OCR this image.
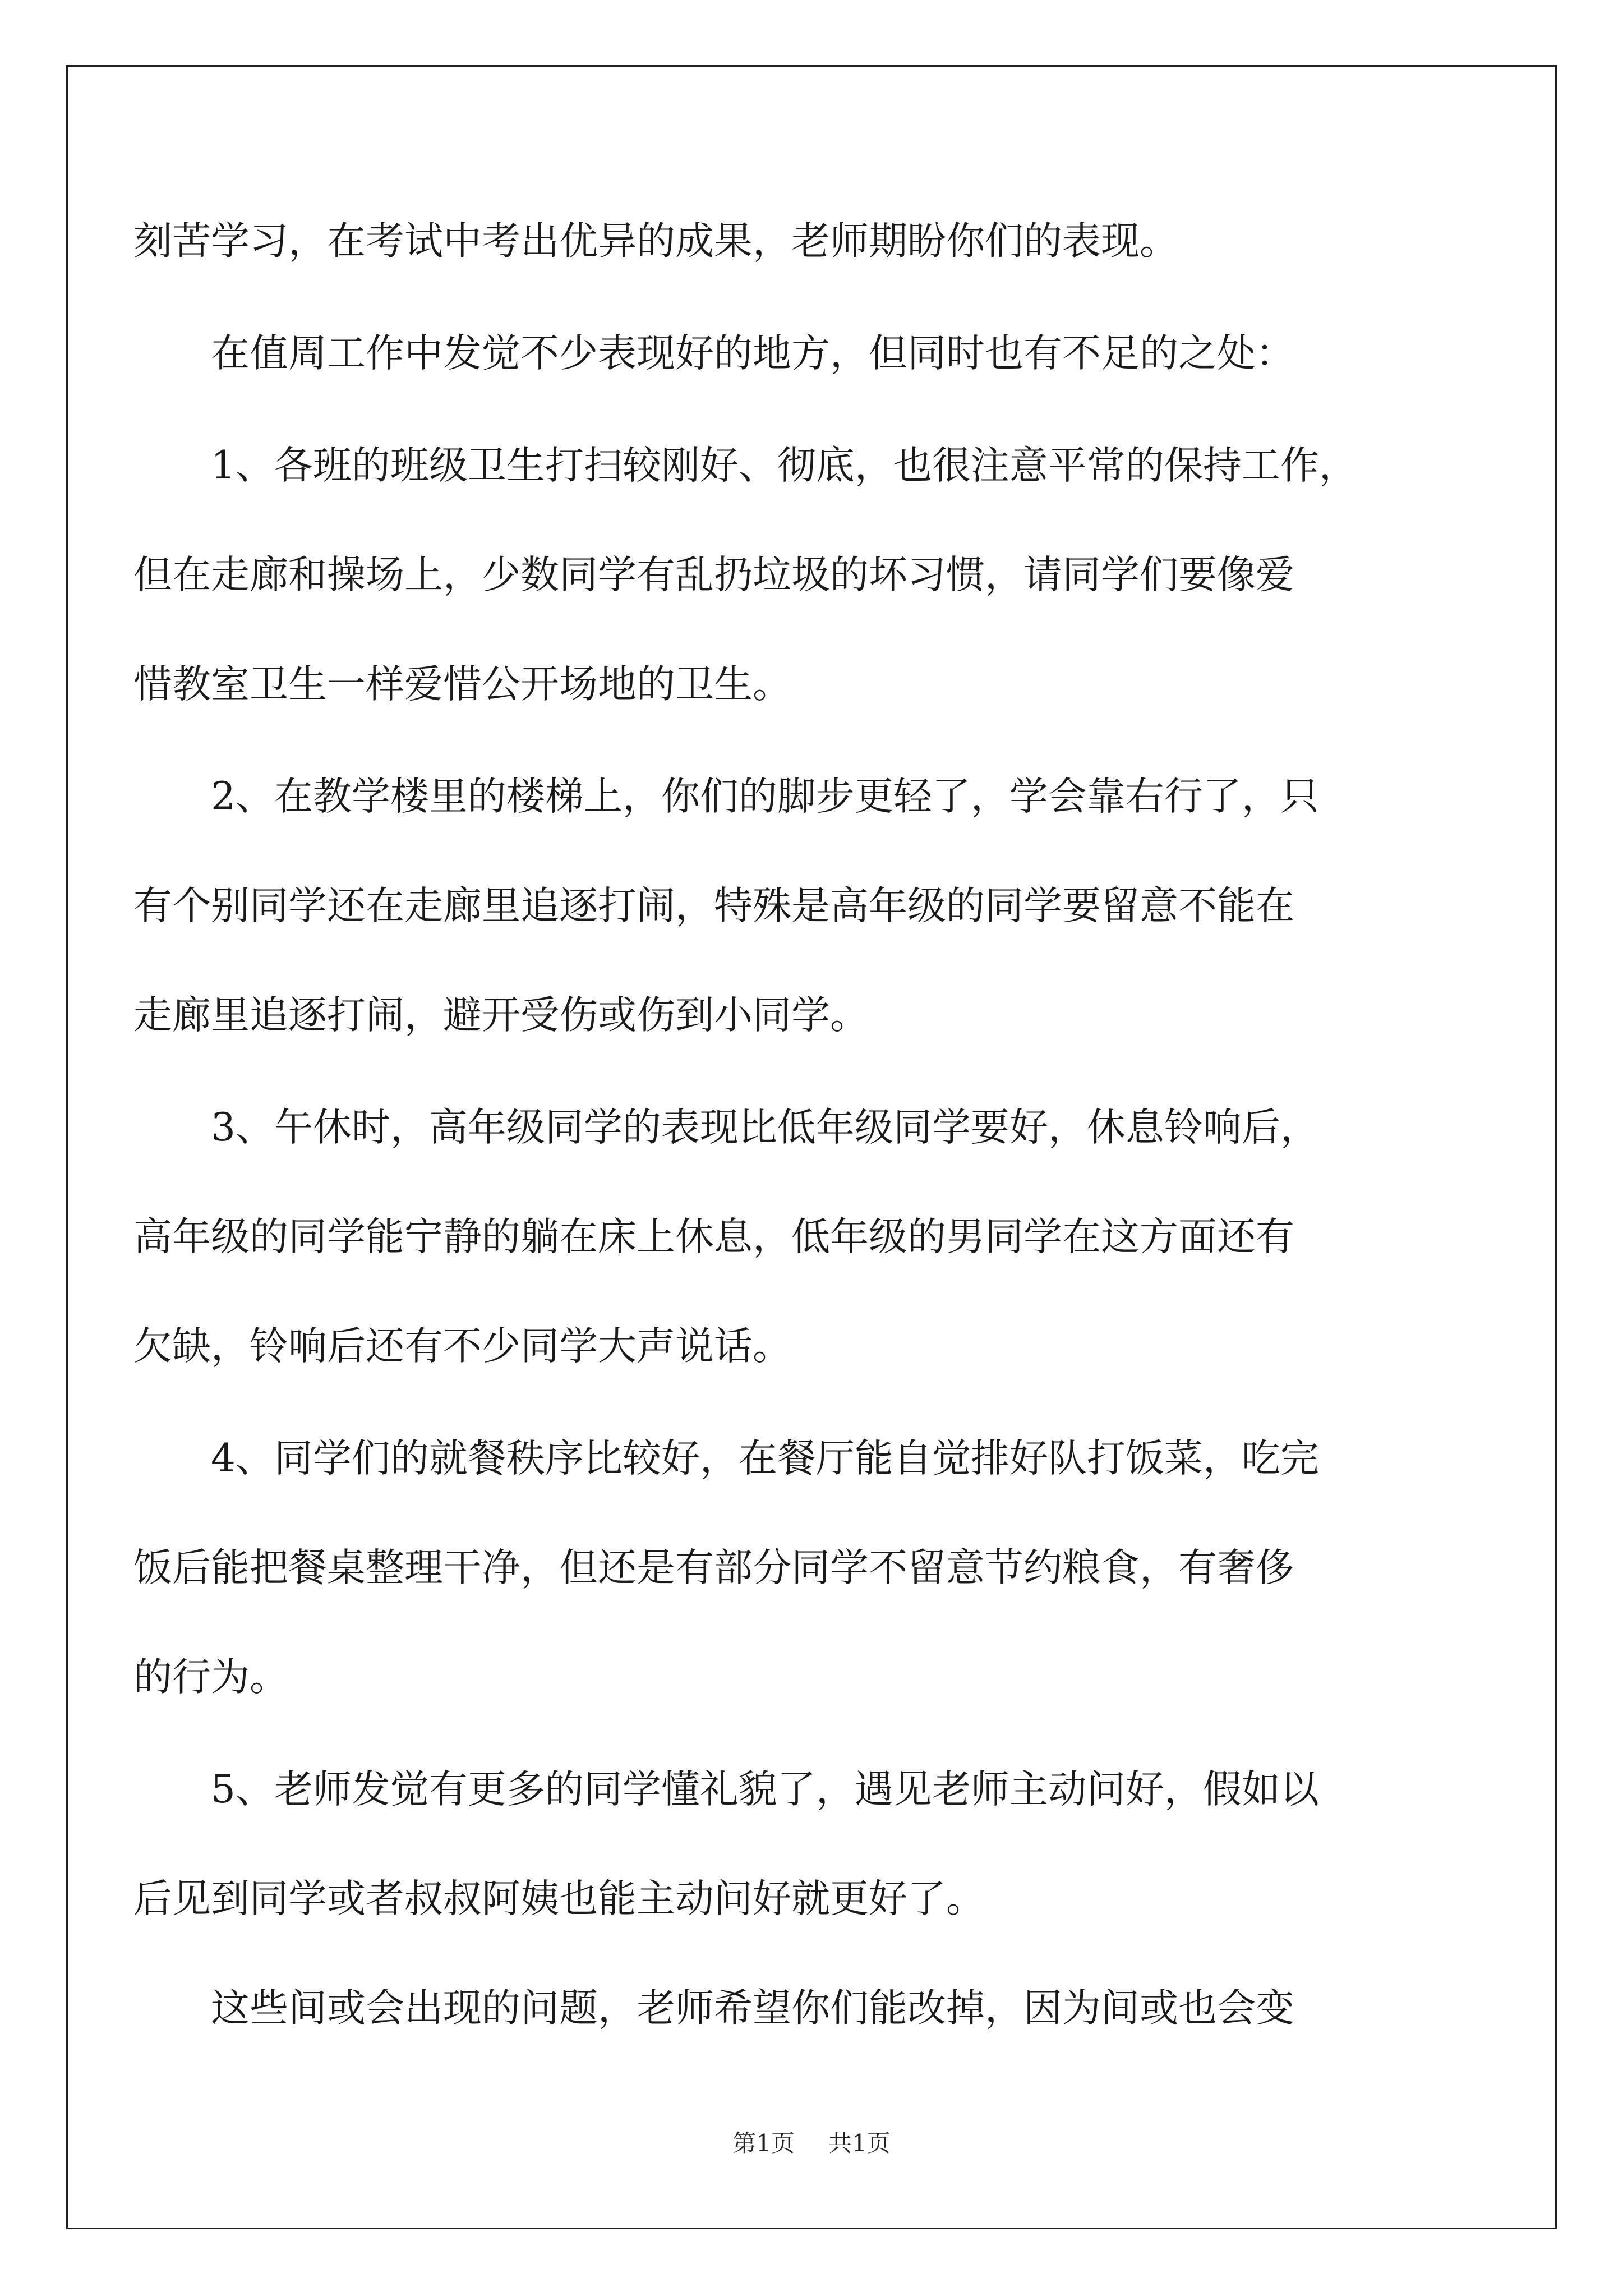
刻苦学习，在考试中考出优异的成果，老师期盼你们的表现。
　　在值周工作中发觉不少表现好的地方，但同时也有不足的之处：
　　1、各班的班级卫生打扫较刚好、彻底，也很注意平常的保持工作，
但在走廊和操场上，少数同学有乱扔垃圾的坏习惯，请同学们要像爱
惜教室卫生一样爱惜公开场地的卫生。
　　2、在教学楼里的楼梯上，你们的脚步更轻了，学会靠右行了，只
有个别同学还在走廊里追逐打闹，特殊是高年级的同学要留意不能在
走廊里追逐打闹，避开受伤或伤到小同学。
　　3、午休时，高年级同学的表现比低年级同学要好，休息铃响后，
高年级的同学能宁静的躺在床上休息，低年级的男同学在这方面还有
欠缺，铃响后还有不少同学大声说话。
　　4、同学们的就餐秩序比较好，在餐厅能自觉排好队打饭菜，吃完
饭后能把餐桌整理干净，但还是有部分同学不留意节约粮食，有奢侈
的行为。
　　5、老师发觉有更多的同学懂礼貌了，遇见老师主动问好，假如以
后见到同学或者叔叔阿姨也能主动问好就更好了。
　　这些间或会出现的问题，老师希望你们能改掉，因为间或也会变
第1页 共1页
